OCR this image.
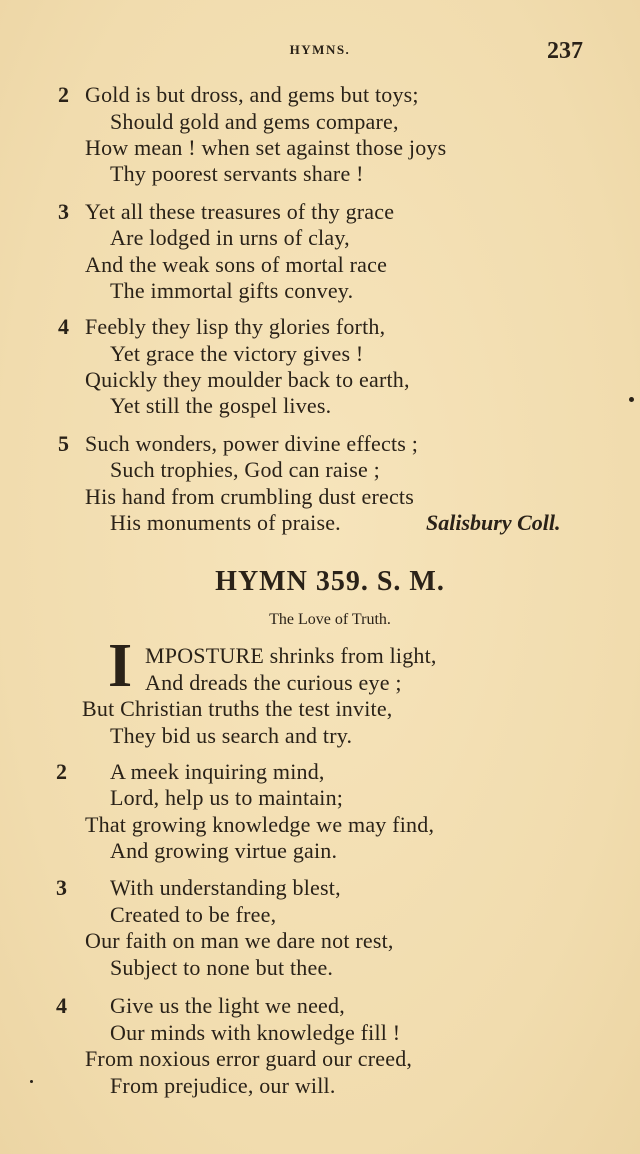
HYMNS.	237
HYMN 359. S. M.
The Love of Truth.
I
Salisbury Coll.
2 Gold is but dross, and gems but toys;
Should gold and gems compare,
How mean ! when set against those joys
Thy poorest servants share !
3 Yet all these treasures of thy grace
Are lodged in urns of clay,
And the weak sons of mortal race
The immortal gifts convey.
4 Feebly they lisp thy glories forth,
Yet grace the victory gives !
Quickly they moulder back to earth,
Yet still the gospel lives.
5 Such wonders, power divine effects ;
Such trophies, God can raise ;
His hand from crumbling dust erects
His monuments of praise.
MPOSTURE shrinks from light,
And dreads the curious eye ;
But Christian truths the test invite,
They bid us search and try.
2 A meek inquiring mind,
Lord, help us to maintain;
That growing knowledge we may find,
And growing virtue gain.
3 With understanding blest,
Created to be free,
Our faith on man we dare not rest,
Subject to none but thee.
4 Give us the light we need,
Our minds with knowledge fill !
From noxious error guard our creed,
From prejudice, our will.
